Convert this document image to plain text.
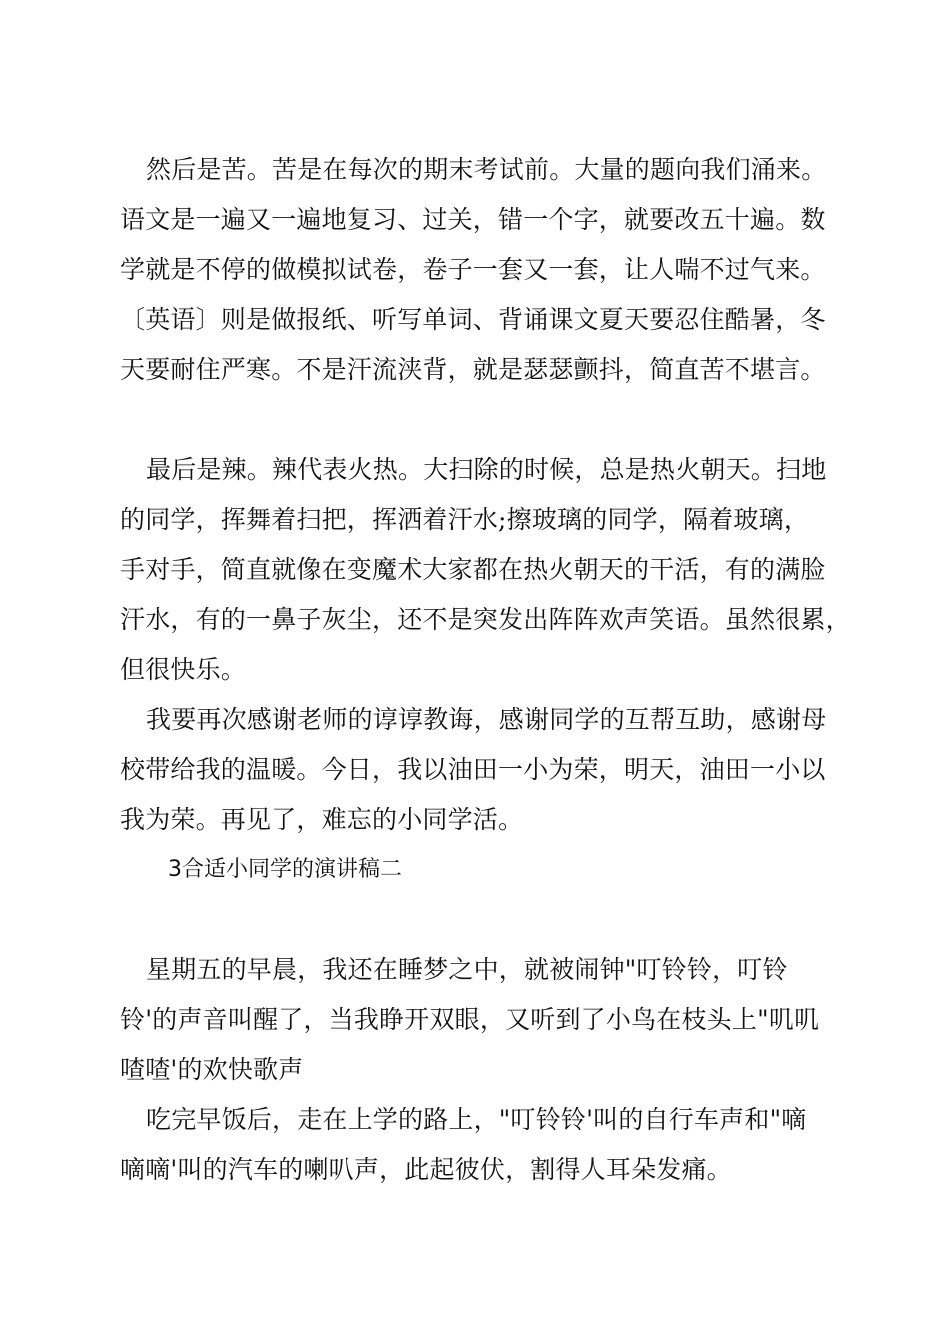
然后是苦。苦是在每次的期末考试前。大量的题向我们涌来。
语文是一遍又一遍地复习、过关，错一个字，就要改五十遍。数
学就是不停的做模拟试卷，卷子一套又一套，让人喘不过气来。
〔英语〕则是做报纸、听写单词、背诵课文夏天要忍住酷暑，冬
天要耐住严寒。不是汗流浃背，就是瑟瑟颤抖，简直苦不堪言。
最后是辣。辣代表火热。大扫除的时候，总是热火朝天。扫地
的同学，挥舞着扫把，挥洒着汗水;擦玻璃的同学，隔着玻璃，
手对手，简直就像在变魔术大家都在热火朝天的干活，有的满脸
汗水，有的一鼻子灰尘，还不是突发出阵阵欢声笑语。虽然很累，
但很快乐。
我要再次感谢老师的谆谆教诲，感谢同学的互帮互助，感谢母
校带给我的温暖。今日，我以油田一小为荣，明天，油田一小以
我为荣。再见了，难忘的小同学活。
3合适小同学的演讲稿二
星期五的早晨，我还在睡梦之中，就被闹钟"叮铃铃，叮铃
铃'的声音叫醒了，当我睁开双眼，又听到了小鸟在枝头上"叽叽
喳喳'的欢快歌声
吃完早饭后，走在上学的路上，"叮铃铃'叫的自行车声和"嘀
嘀嘀'叫的汽车的喇叭声，此起彼伏，割得人耳朵发痛。
